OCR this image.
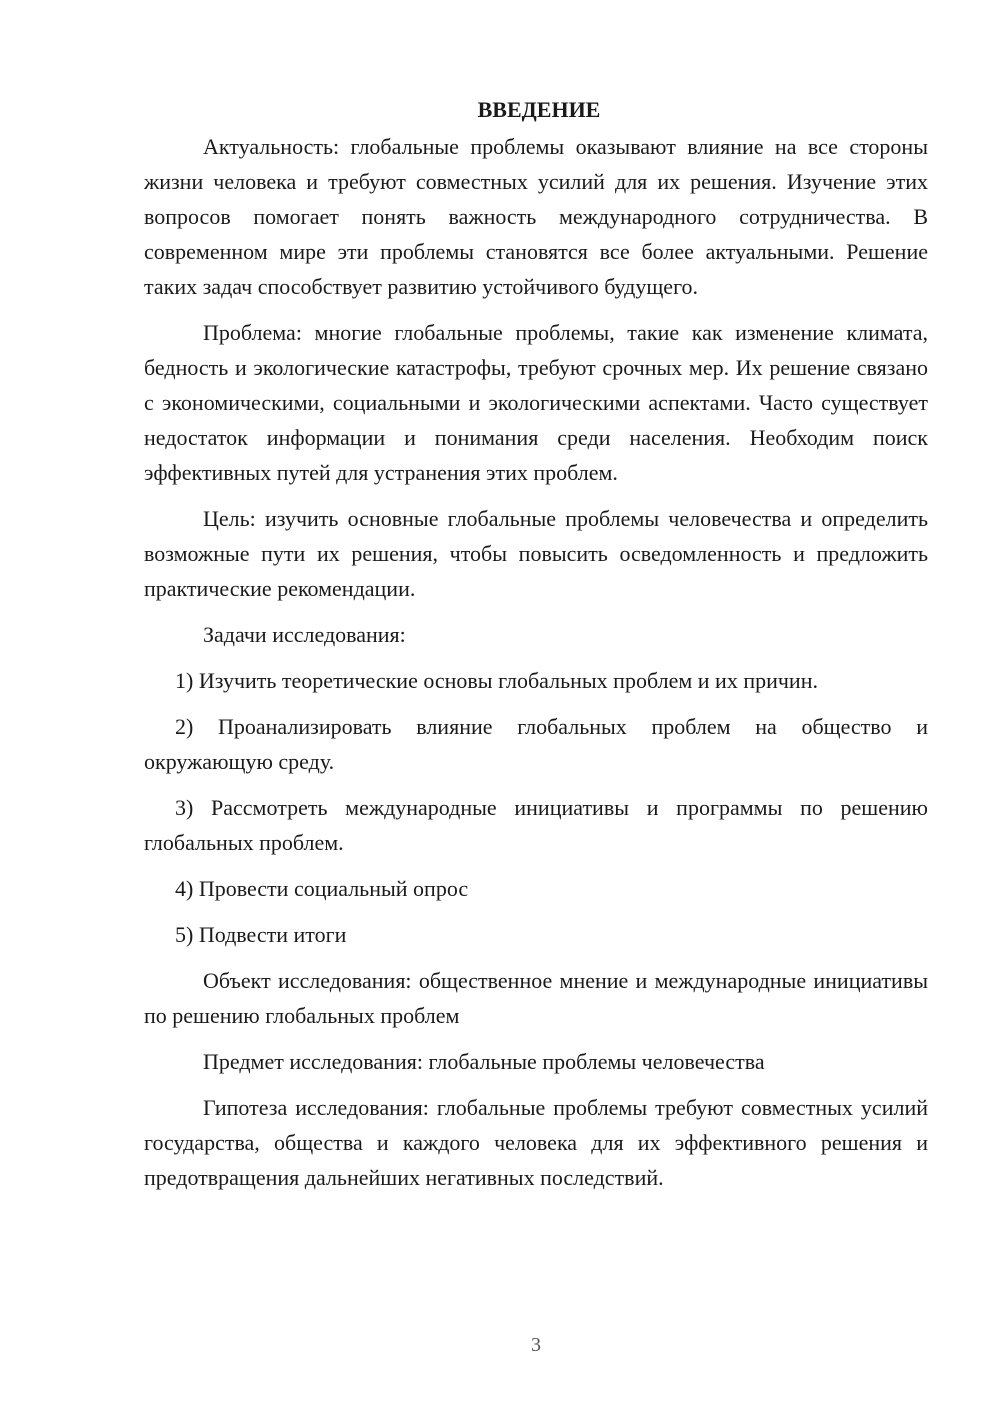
ВВЕДЕНИЕ

Актуальность: глобальные проблемы оказывают влияние на все стороны жизни человека и требуют совместных усилий для их решения. Изучение этих вопросов помогает понять важность международного сотрудничества. В современном мире эти проблемы становятся все более актуальными. Решение таких задач способствует развитию устойчивого будущего.

Проблема: многие глобальные проблемы, такие как изменение климата, бедность и экологические катастрофы, требуют срочных мер. Их решение связано с экономическими, социальными и экологическими аспектами. Часто существует недостаток информации и понимания среди населения. Необходим поиск эффективных путей для устранения этих проблем.

Цель: изучить основные глобальные проблемы человечества и определить возможные пути их решения, чтобы повысить осведомленность и предложить практические рекомендации.

Задачи исследования:

1) Изучить теоретические основы глобальных проблем и их причин.

2) Проанализировать влияние глобальных проблем на общество и окружающую среду.

3) Рассмотреть международные инициативы и программы по решению глобальных проблем.

4) Провести социальный опрос

5) Подвести итоги

Объект исследования: общественное мнение и международные инициативы по решению глобальных проблем

Предмет исследования: глобальные проблемы человечества

Гипотеза исследования: глобальные проблемы требуют совместных усилий государства, общества и каждого человека для их эффективного решения и предотвращения дальнейших негативных последствий.

3
